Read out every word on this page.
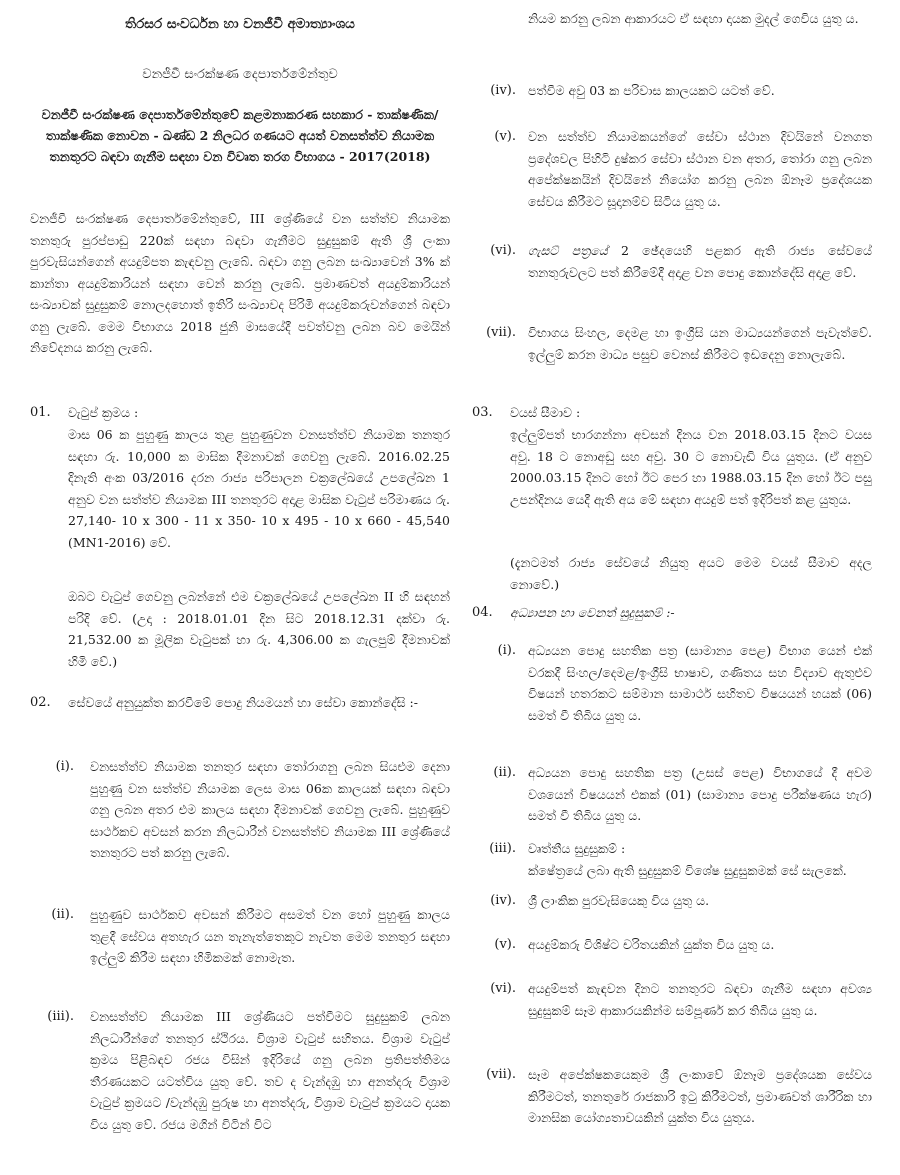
තිරසර සංවර්ධන හා වනජීවී අමාත්‍යාංශය

වනජීවී සංරක්ෂණ දෙපාර්තමේන්තුව

වනජීවී සංරක්ෂණ දෙපාර්තමේන්තුවේ කළමනාකරණ සහකාර - තාක්ෂණික/තාක්ෂණික නොවන - ඛණ්ඩ 2 නිලධර ගණයට අයත් වනසත්ත්ව නියාමක තනතුරට බඳවා ගැනීම සඳහා වන විවෘත තරග විභාගය - 2017(2018)

වනජීවී සංරක්ෂණ දෙපාර්තමේන්තුවේ, III ශ්‍රේණියේ වන සත්ත්ව නියාමක තනතුරු පුරප්පාඩු 220ක් සඳහා බඳවා ගැනීමට සුදුසුකම් ඇති ශ්‍රී ලංකා පුරවැසියන්ගෙන් අයදුම්පත කැඳවනු ලැබේ. බඳවා ගනු ලබන සංඛ්‍යාවෙන් 3% ක් කාන්තා අයදුම්කාරියන් සඳහා වෙන් කරනු ලැබේ. ප්‍රමාණවත් අයදුම්කාරියන් සංඛ්‍යාවක් සුදුසුකම් නොලදහොත් ඉතිරි සංඛ්‍යාවද පිරිමි අයදුම්කරුවන්ගෙන් බඳවා ගනු ලැබේ. මෙම විභාගය 2018 ජුනි මාසයේදී පවත්වනු ලබන බව මෙයින් නිවේදනය කරනු ලැබේ.

01. වැටුප් ක්‍රමය :

මාස 06 ක පුහුණු කාලය තුළ පුහුණුවන වනසත්ත්ව නියාමක තනතුර සඳහා රු. 10,000 ක මාසික දීමනාවක් ගෙවනු ලැබේ. 2016.02.25 දිනැති අංක 03/2016 දරන රාජ්‍ය පරිපාලන චක්‍රලේඛයේ උපලේඛන 1 අනුව වන සත්ත්ව නියාමක III තනතුරට අදාළ මාසික වැටුප් පරිමාණය රු. 27,140- 10 x 300 - 11 x 350- 10 x 495 - 10 x 660 - 45,540 (MN1-2016) වේ.

ඔබට වැටුප් ගෙවනු ලබන්නේ එම චක්‍රලේඛයේ උපලේඛන II හි සඳහන් පරිදි වේ. (උදා : 2018.01.01 දින සිට 2018.12.31 දක්වා රු. 21,532.00 ක මූලික වැටුපක් හා රු. 4,306.00 ක ගැලපුම් දීමනාවක් හිමි වේ.)

02. සේවයේ අනුයුක්ත කරවීමේ පොදු නියමයන් හා සේවා කොන්දේසි :-

(i). වනසත්ත්ව නියාමක තනතුර සඳහා තෝරාගනු ලබන සියළුම දෙනා පුහුණු වන සත්ත්ව නියාමක ලෙස මාස 06ක කාලයක් සඳහා බඳවා ගනු ලබන අතර එම කාලය සඳහා දීමනාවක් ගෙවනු ලැබේ. පුහුණුව සාර්ථකව අවසන් කරන නිලධාරීන් වනසත්ත්ව නියාමක III ශ්‍රේණියේ තනතුරට පත් කරනු ලැබේ.

(ii). පුහුණුව සාර්ථකව අවසන් කිරීමට අසමත් වන හෝ පුහුණු කාලය තුළදී සේවය අතහැර යන තැනැත්තෙකුට නැවත මෙම තනතුර සඳහා ඉල්ලුම් කිරීම සඳහා හිමිකමක් නොමැත.

(iii). වනසත්ත්ව නියාමක III ශ්‍රේණියට පත්වීමට සුදුසුකම් ලබන නිලධාරීන්ගේ තනතුර ස්ථිරය. විශ්‍රාම වැටුප් සහිතය. විශ්‍රාම වැටුප් ක්‍රමය පිළිබඳව රජය විසින් ඉදිරියේ ගනු ලබන ප්‍රතිපත්තිමය තීරණයකට යටත්විය යුතු වේ. තව ද වැන්දඹු හා අනත්දරු විශ්‍රාම වැටුප් ක්‍රමයට /වැන්දඹු පුරුෂ හා අනත්දරු, විශ්‍රාම වැටුප් ක්‍රමයට දායක විය යුතු වේ. රජය මගින් විටින් විට

නියම කරනු ලබන ආකාරයට ඒ සඳහා දායක මුදල් ගෙවිය යුතු ය.

(iv). පත්වීම අවු 03 ක පරිවාස කාලයකට යටත් වේ.

(v). වන සත්ත්ව නියාමකයන්ගේ සේවා ස්ථාන දිවයිනේ වනගත ප්‍රදේශවල පිහිටි දුෂ්කර සේවා ස්ථාන වන අතර, තෝරා ගනු ලබන අපේක්ෂකයින් දිවයිනේ නියෝග කරනු ලබන ඕනෑම ප්‍රදේශයක සේවය කිරීමට සූදානම්ව සිටිය යුතු ය.

(vi). ගැසට් පත්‍රයේ 2 ඡේදයෙහි පළකර ඇති රාජ්‍ය සේවයේ තනතුරුවලට පත් කිරීමේදී අදාළ වන පොදු කොන්දේසි අදාළ වේ.

(vii). විභාගය සිංහල, දෙමළ හා ඉංග්‍රීසි යන මාධ්‍යයන්ගෙන් පැවැත්වේ. ඉල්ලුම් කරන මාධ්‍ය පසුව වෙනස් කිරීමට ඉඩදෙනු නොලැබේ.

03. වයස් සීමාව :

ඉල්ලුම්පත් භාරගන්නා අවසන් දිනය වන 2018.03.15 දිනට වයස අවු. 18 ට නොඅඩු සහ අවු. 30 ට නොවැඩි විය යුතුය. (ඒ අනුව 2000.03.15 දිනට හෝ ඊට පෙර හා 1988.03.15 දින හෝ ඊට පසු උපන්දිනය යෙදී ඇති අය මේ සඳහා අයදුම් පත් ඉදිරිපත් කළ යුතුය.

(දැනටමත් රාජ්‍ය සේවයේ නියුතු අයට මෙම වයස් සීමාව අදල නොවේ.)

04. අධ්‍යාපන හා වෙනත් සුදුසුකම් :-

(i). අධ්‍යයන පොදු සහතික පත්‍ර (සාමාන්‍ය පෙළ) විභාග යෙන් එක් වරකදී සිංහල/දෙමළ/ඉංග්‍රීසි භාෂාව, ගණිතය සහ විද්‍යාව ඇතුළුව විෂයන් හතරකට සම්මාන සාමාර්ථ සහිතව විෂයයන් හයක් (06) සමත් වී තිබිය යුතු ය.

(ii). අධ්‍යයන පොදු සහතික පත්‍ර (උසස් පෙළ) විභාගයේ දී අවම වශයෙන් විෂයයන් එකක් (01) (සාමාන්‍ය පොදු පරීක්ෂණය හැර) සමත් වී තිබිය යුතු ය.

(iii). වෘත්තීය සුදුසුකම් :
ක්ෂේත්‍රයේ ලබා ඇති සුදුසුකම් විශේෂ සුදුසුකමක් සේ සැලකේ.

(iv). ශ්‍රී ලාංකික පුරවැසියෙකු විය යුතු ය.

(v). අයදුම්කරු විශිෂ්ට චරිතයකින් යුක්ත විය යුතු ය.

(vi). අයදුම්පත් කැඳවන දිනට තනතුරට බඳවා ගැනීම සඳහා අවශ්‍ය සුදුසුකම් සෑම ආකාරයකින්ම සම්පූර්ණ කර තිබිය යුතු ය.

(vii). සෑම අපේක්ෂකයෙකුම ශ්‍රී ලංකාවේ ඕනෑම ප්‍රදේශයක සේවය කිරීමටත්, තනතුරේ රාජකාරි ඉටු කිරීමටත්, ප්‍රමාණවත් ශාරීරික හා මානසික යෝග්‍යතාවයකින් යුක්ත විය යුතුය.
